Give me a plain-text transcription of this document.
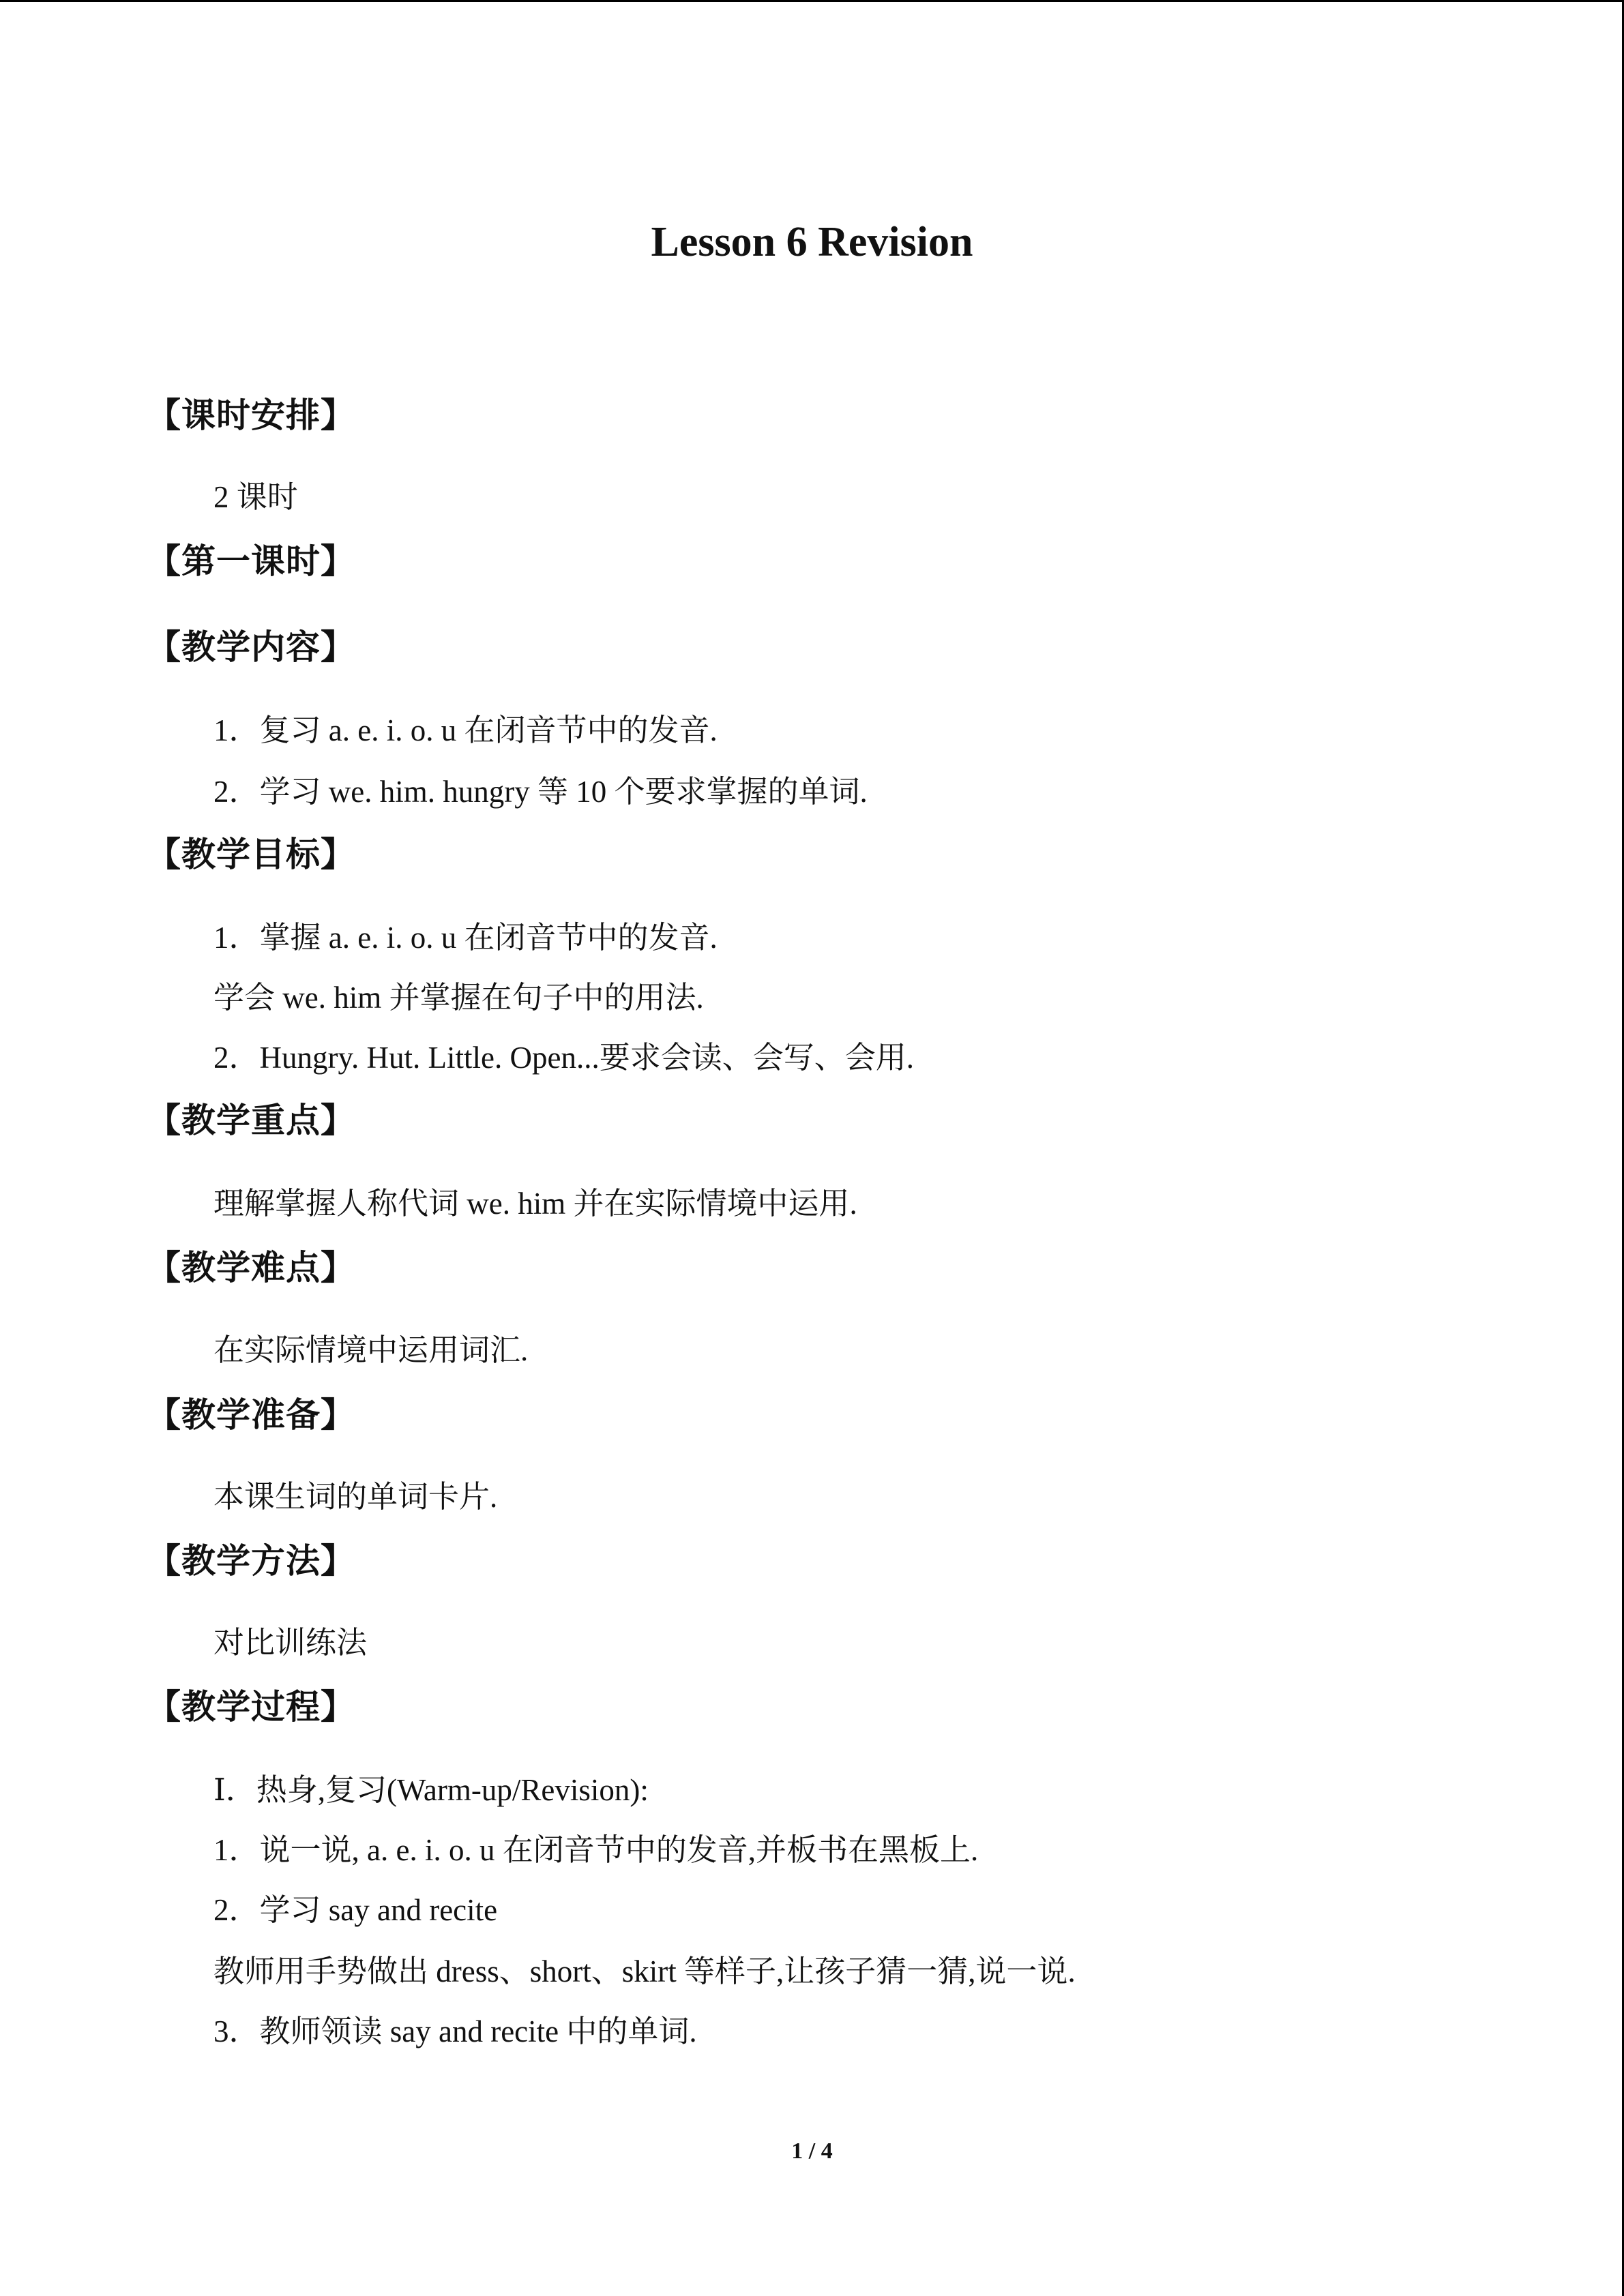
Lesson 6 Revision
【课时安排】
2 课时
【第一课时】
【教学内容】
1．复习 a. e. i. o. u 在闭音节中的发音.
2．学习 we. him. hungry 等 10 个要求掌握的单词.
【教学目标】
1．掌握 a. e. i. o. u 在闭音节中的发音.
学会 we. him 并掌握在句子中的用法.
2．Hungry. Hut. Little. Open...要求会读、会写、会用.
【教学重点】
理解掌握人称代词 we. him 并在实际情境中运用.
【教学难点】
在实际情境中运用词汇.
【教学准备】
本课生词的单词卡片.
【教学方法】
对比训练法
【教学过程】
Ⅰ．热身,复习(Warm-up/Revision):
1．说一说, a. e. i. o. u 在闭音节中的发音,并板书在黑板上.
2．学习 say and recite
教师用手势做出 dress、short、skirt 等样子,让孩子猜一猜,说一说.
3．教师领读 say and recite 中的单词.
1 / 4
